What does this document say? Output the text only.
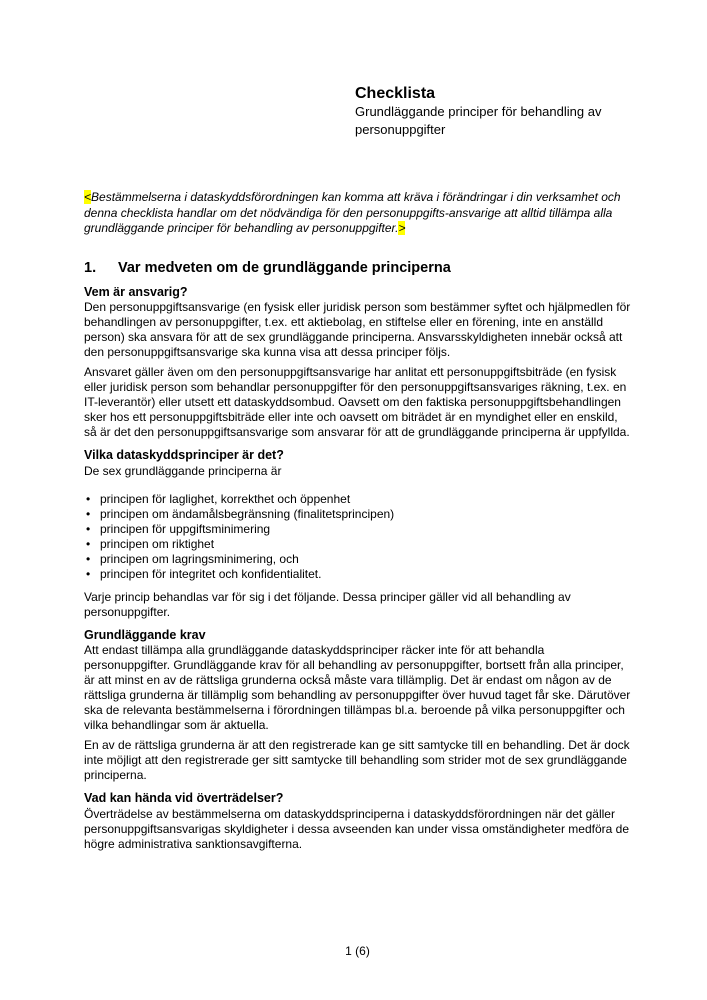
Checklista
Grundläggande principer för behandling av personuppgifter

<Bestämmelserna i dataskyddsförordningen kan komma att kräva i förändringar i din verksamhet och denna checklista handlar om det nödvändiga för den personuppgifts-ansvarige att alltid tillämpa alla grundläggande principer för behandling av personuppgifter.>

1. Var medveten om de grundläggande principerna
Vem är ansvarig?

Den personuppgiftsansvarige (en fysisk eller juridisk person som bestämmer syftet och hjälpmedlen för behandlingen av personuppgifter, t.ex. ett aktiebolag, en stiftelse eller en förening, inte en anställd person) ska ansvara för att de sex grundläggande principerna. Ansvarsskyldigheten innebär också att den personuppgiftsansvarige ska kunna visa att dessa principer följs.

Ansvaret gäller även om den personuppgiftsansvarige har anlitat ett personuppgiftsbiträde (en fysisk eller juridisk person som behandlar personuppgifter för den personuppgiftsansvariges räkning, t.ex. en IT-leverantör) eller utsett ett dataskyddsombud. Oavsett om den faktiska personuppgiftsbehandlingen sker hos ett personuppgiftsbiträde eller inte och oavsett om biträdet är en myndighet eller en enskild, så är det den personuppgiftsansvarige som ansvarar för att de grundläggande principerna är uppfyllda.

Vilka dataskyddsprinciper är det?

De sex grundläggande principerna är

• principen för laglighet, korrekthet och öppenhet
• principen om ändamålsbegränsning (finalitetsprincipen)
• principen för uppgiftsminimering
• principen om riktighet
• principen om lagringsminimering, och
• principen för integritet och konfidentialitet.

Varje princip behandlas var för sig i det följande. Dessa principer gäller vid all behandling av personuppgifter.

Grundläggande krav

Att endast tillämpa alla grundläggande dataskyddsprinciper räcker inte för att behandla personuppgifter. Grundläggande krav för all behandling av personuppgifter, bortsett från alla principer, är att minst en av de rättsliga grunderna också måste vara tillämplig. Det är endast om någon av de rättsliga grunderna är tillämplig som behandling av personuppgifter över huvud taget får ske. Därutöver ska de relevanta bestämmelserna i förordningen tillämpas bl.a. beroende på vilka personuppgifter och vilka behandlingar som är aktuella.

En av de rättsliga grunderna är att den registrerade kan ge sitt samtycke till en behandling. Det är dock inte möjligt att den registrerade ger sitt samtycke till behandling som strider mot de sex grundläggande principerna.

Vad kan hända vid överträdelser?

Överträdelse av bestämmelserna om dataskyddsprinciperna i dataskyddsförordningen när det gäller personuppgiftsansvarigas skyldigheter i dessa avseenden kan under vissa omständigheter medföra de högre administrativa sanktionsavgifterna.

1 (6)
